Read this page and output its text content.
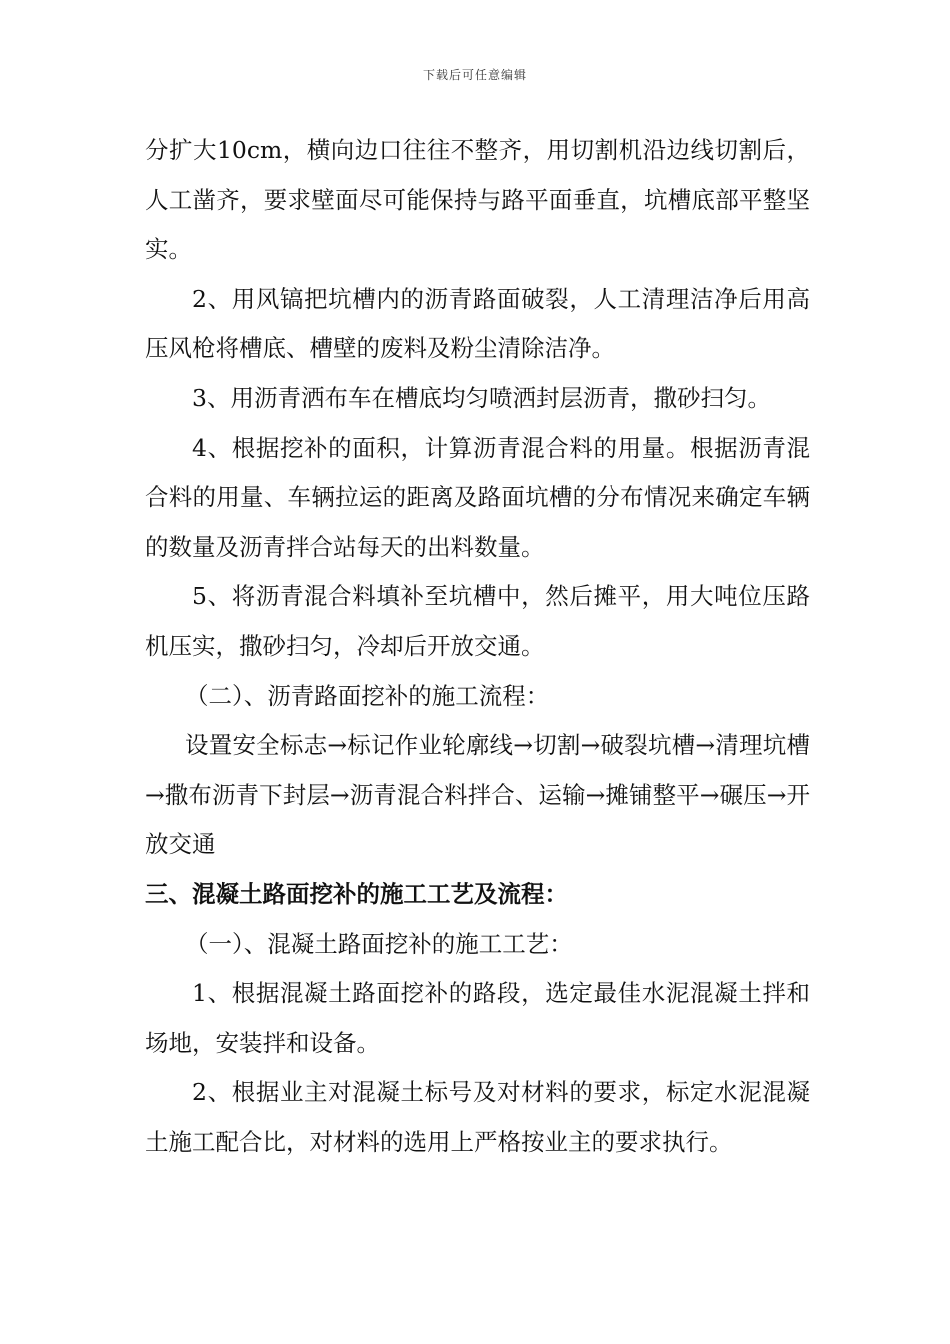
下载后可任意编辑

分扩大10cm，横向边口往往不整齐，用切割机沿边线切割后，人工凿齐，要求壁面尽可能保持与路平面垂直，坑槽底部平整坚实。

2、用风镐把坑槽内的沥青路面破裂，人工清理洁净后用高压风枪将槽底、槽壁的废料及粉尘清除洁净。

3、用沥青洒布车在槽底均匀喷洒封层沥青，撒砂扫匀。

4、根据挖补的面积，计算沥青混合料的用量。根据沥青混合料的用量、车辆拉运的距离及路面坑槽的分布情况来确定车辆的数量及沥青拌合站每天的出料数量。

5、将沥青混合料填补至坑槽中，然后摊平，用大吨位压路机压实，撒砂扫匀，冷却后开放交通。

（二）、沥青路面挖补的施工流程：

设置安全标志→标记作业轮廓线→切割→破裂坑槽→清理坑槽→撒布沥青下封层→沥青混合料拌合、运输→摊铺整平→碾压→开放交通

三、混凝土路面挖补的施工工艺及流程：

（一）、混凝土路面挖补的施工工艺：

1、根据混凝土路面挖补的路段，选定最佳水泥混凝土拌和场地，安装拌和设备。

2、根据业主对混凝土标号及对材料的要求，标定水泥混凝土施工配合比，对材料的选用上严格按业主的要求执行。
